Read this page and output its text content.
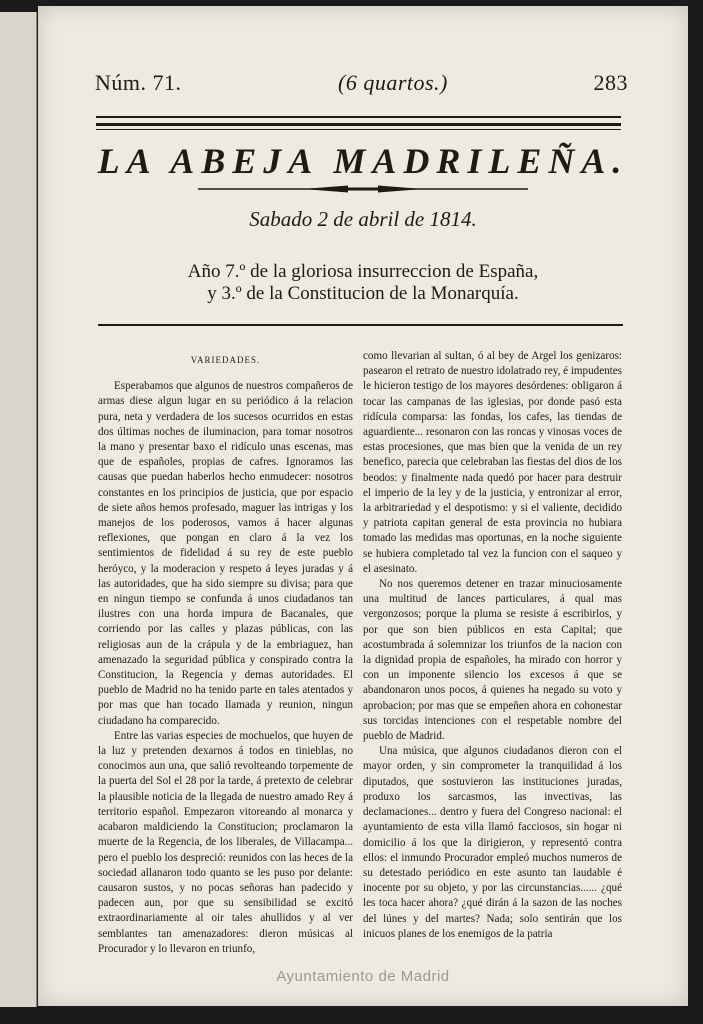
Núm. 71.	(6 quartos.)	283
LA ABEJA MADRILEÑA.
Sabado 2 de abril de 1814.
Año 7.º de la gloriosa insurreccion de España,
y 3.º de la Constitucion de la Monarquía.
VARIEDADES.

Esperabamos que algunos de nuestros compañeros de armas diese algun lugar en su periódico á la relacion pura, neta y verdadera de los sucesos ocurridos en estas dos últimas noches de iluminacion, para tomar nosotros la mano y presentar baxo el ridículo unas escenas, mas que de españoles, propias de cafres. Ignoramos las causas que puedan haberlos hecho enmudecer: nosotros constantes en los principios de justicia, que por espacio de siete años hemos profesado, maguer las intrigas y los manejos de los poderosos, vamos á hacer algunas reflexiones, que pongan en claro á la vez los sentimientos de fidelidad á su rey de este pueblo heróyco, y la moderacion y respeto á leyes juradas y á las autoridades, que ha sido siempre su divisa; para que en ningun tiempo se confunda á unos ciudadanos tan ilustres con una horda impura de Bacanales, que corriendo por las calles y plazas públicas, con las religiosas aun de la crápula y de la embriaguez, han amenazado la seguridad pública y conspirado contra la Constitucion, la Regencia y demas autoridades. El pueblo de Madrid no ha tenido parte en tales atentados y por mas que han tocado llamada y reunion, ningun ciudadano ha comparecido.

Entre las varias especies de mochuelos, que huyen de la luz y pretenden dexarnos á todos en tinieblas, no conocimos aun una, que salió revolteando torpemente de la puerta del Sol el 28 por la tarde, á pretexto de celebrar la plausible noticia de la llegada de nuestro amado Rey á territorio español. Empezaron vitoreando al monarca y acabaron maldiciendo la Constitucion; proclamaron la muerte de la Regencia, de los liberales, de Villacampa... pero el pueblo los despreció: reunidos con las heces de la sociedad allanaron todo quanto se les puso por delante: causaron sustos, y no pocas señoras han padecido y padecen aun, por que su sensibilidad se excitó extraordinariamente al oir tales ahullidos y al ver semblantes tan amenazadores: dieron músicas al Procurador y lo llevaron en triunfo,

como llevarian al sultan, ó al bey de Argel los genizaros: pasearon el retrato de nuestro idolatrado rey, é impudentes le hicieron testigo de los mayores desórdenes: obligaron á tocar las campanas de las iglesias, por donde pasó esta ridícula comparsa: las fondas, los cafes, las tiendas de aguardiente... resonaron con las roncas y vinosas voces de estas procesiones, que mas bien que la venida de un rey benefico, parecia que celebraban las fiestas del dios de los beodos: y finalmente nada quedó por hacer para destruir el imperio de la ley y de la justicia, y entronizar al error, la arbitrariedad y el despotismo: y si el valiente, decidido y patriota capitan general de esta provincia no hubiara tomado las medidas mas oportunas, en la noche siguiente se hubiera completado tal vez la funcion con el saqueo y el asesinato.

No nos queremos detener en trazar minuciosamente una multitud de lances particulares, á qual mas vergonzosos; porque la pluma se resiste á escribirlos, y por que son bien públicos en esta Capital; que acostumbrada á solemnizar los triunfos de la nacion con la dignidad propia de españoles, ha mirado con horror y con un imponente silencio los excesos á que se abandonaron unos pocos, á quienes ha negado su voto y aprobacion; por mas que se empeñen ahora en cohonestar sus torcidas intenciones con el respetable nombre del pueblo de Madrid.

Una música, que algunos ciudadanos dieron con el mayor orden, y sin comprometer la tranquilidad á los diputados, que sostuvieron las instituciones juradas, produxo los sarcasmos, las invectivas, las declamaciones... dentro y fuera del Congreso nacional: el ayuntamiento de esta villa llamó facciosos, sin hogar ni domicilio á los que la dirigieron, y representó contra ellos: el inmundo Procurador empleó muchos numeros de su detestado periódico en este asunto tan laudable é inocente por su objeto, y por las circunstancias...... ¿qué les toca hacer ahora? ¿qué dirán á la sazon de las noches del lúnes y del martes? Nada; solo sentirán que los inicuos planes de los enemigos de la patria

Ayuntamiento de Madrid
